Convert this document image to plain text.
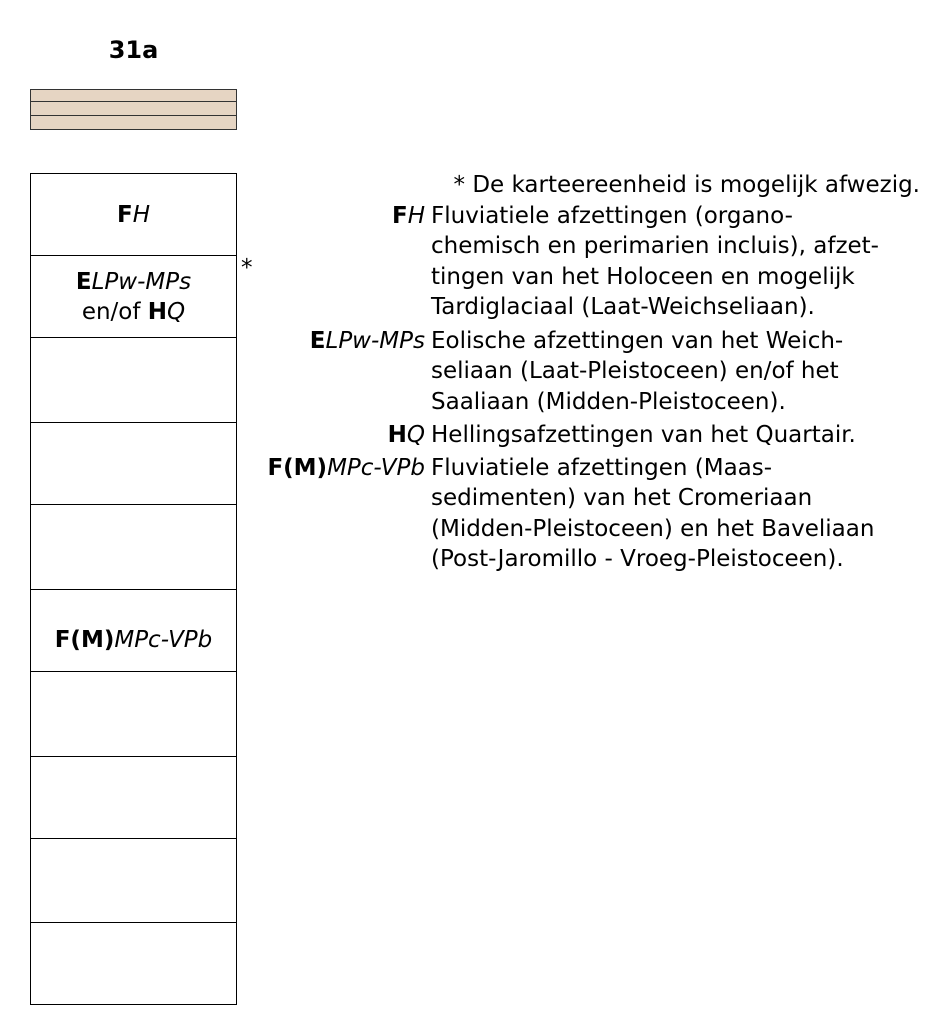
31a
FH
ELPw-MPs
en/of HQ
F(M)MPc-VPb
*
* De karteereenheid is mogelijk afwezig.
FH Fluviatiele afzettingen (organo-
chemisch en perimarien incluis), afzet-
tingen van het Holoceen en mogelijk
Tardiglaciaal (Laat-Weichseliaan).
ELPw-MPs Eolische afzettingen van het Weich-
seliaan (Laat-Pleistoceen) en/of het
Saaliaan (Midden-Pleistoceen).
HQ Hellingsafzettingen van het Quartair.
F(M)MPc-VPb Fluviatiele afzettingen (Maas-
sedimenten) van het Cromeriaan
(Midden-Pleistoceen) en het Baveliaan
(Post-Jaromillo - Vroeg-Pleistoceen).
